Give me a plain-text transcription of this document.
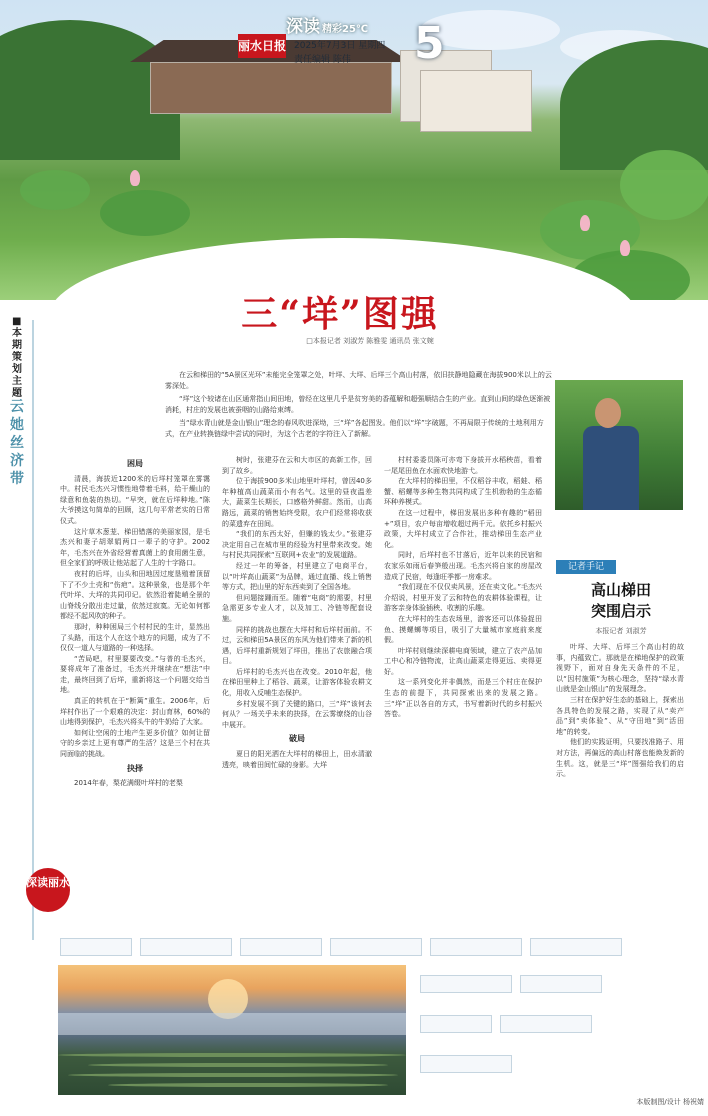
深读 精彩25℃
丽水日报 2025年7月3日 星期四
责任编辑 陈伟 5
■本期策划主题
云她丝济带
深读丽水
三“垟”图强
□本报记者 刘淑芳 陈雅雯 通讯员 张文婉

在云和梯田的“5A景区光环”未能完全笼罩之处，叶垟、大垟、后垟三个高山村落，依旧扶静地隐藏在海拔900米以上的云雾深处。

“垟”这个较诸在山区通常指山间田地，曾经在这里几乎是贫穷美的香蕴解和超强顺结合生的产业。直到山间的绿色逐渐被消耗，村庄的发展也被蚕咽的山路给束缚。

当“绿水青山就是金山银山”理念的春风吹进深坳，三“垟”各起图发。他们以“垟”字破题，不再局限于传统的土地利用方式，在产业转换链绿中尝试的同时，为这个古老的字符注入了新解。

困局

清晨，海拔近1200米的后垟村笼罩在雾霭中。村民毛杰兴习惯性地带着毛料，给干燥山的绿意和鱼装的热切。“早突，就在后垟种地。”陈大爷摸这句简单的回顾，这几句平常老实的日常仪式。

这片草木葱茏、梯田错落的美丽家园，是毛杰兴和妻子胡翠娟两口一辈子的守护。2002年，毛杰兴在外省经营着真菌上的食用菌生意，但全家们的呼吸让他站起了人生的十字路口。

夜村的后垟，山头和田地因过度垦殖着顶留下了不少土壳和“伤疤”。这种景象，也是那个年代叶垟、大垟的共同印记。依然沿着陡峭全景的山脊线分散出走过量，依然过寂寞。无论如何都都经不起风吹的种子。

那时，种种困局三个村村民的生计，显然出了头路，而这个人在这个地方的问题，成为了不仅仅一道人与道路的一种选择。

“苦局吧，村里要要改变。”与普的毛杰兴，要将成年了准备过，毛杰兴并继续在“想法”中走，最终回到了后垟，重新将这一个问题交给当地。

真正的转机在于“断篱”重生。2006年，后垟村作出了一个艰难的决定：封山育林，60%的山地得到保护，毛杰兴将头牛的牛奶给了大家。

如何让空闲的土地产生更多价值？如何让留守的乡亲过上更有尊严的生活？这是三个村在共同面临的挑战。

抉择

2014年春，梨花满缀叶垟村的老梨

树时，张建芬在云和大市区的高新工作，回到了故乡。

位于海拔900多米山地里叶垟村，曾因40多年种植高山蔬菜而小有名气。这里的昼夜温差大，蔬菜生长期长，口感格外鲜甜。然而，山高路远，蔬菜的销售始终受限，农户们经常将收获的菜遗弃在田间。

“我们的东西太好，但赚的钱太少。”张建芬决定用自己在城市里的经验为村里带来改变。她与村民共同探索“互联网+农业”的发展道路。

经过一年的筹备，村里建立了电商平台，以“叶垟高山蔬菜”为品牌，通过直播、线上销售等方式，把山里的好东西卖到了全国各地。

但问题接踵而至。随着“电商”的需要，村里急需更多专业人才，以及加工、冷链等配套设施。

同样的挑战也摆在大垟村和后垟村面前。不过，云和梯田5A景区的东风为他们带来了新的机遇，后垟村重新规划了垟田，推出了农旅融合项目。

后垟村的毛杰兴也在改变。2010年起，他在梯田里种上了稻谷、蔬菜，让游客体验农耕文化，用收入反哺生态保护。

乡村发展不到了关键的路口，三“垟”该何去何从？一场关乎未来的抉择，在云雾缭绕的山谷中展开。

破局

夏日的阳光洒在大垟村的梯田上，田水清澈透亮，映着田间忙碌的身影。大垟

村村委委员陈可亦弯下身拔开水稻秧苗，看着一尾尾田鱼在水面欢快地游弋。

在大垟村的梯田里，不仅稻谷丰收，稻蛙、稻蟹、稻螺等多种生物共同构成了生机勃勃的生态循环种养模式。

在这一过程中，梯田发展出多种有趣的“稻田+”项目，农户每亩增收超过两千元。依托乡村振兴政策，大垟村成立了合作社，推动梯田生态产业化。

同时，后垟村也不甘落后，近年以来的民宿和农家乐如雨后春笋般出现。毛杰兴将自家的房屋改造成了民宿，每逢旺季都一房难求。

“我们现在不仅仅卖风景，还在卖文化。”毛杰兴介绍说，村里开发了云和特色的农耕体验课程，让游客亲身体验插秧、收割的乐趣。

在大垟村的生态农场里，游客还可以体验捉田鱼、摸螺蛳等项目，吸引了大量城市家庭前来度假。

叶垟村则继续深耕电商领域，建立了农产品加工中心和冷链物流，让高山蔬菜走得更远、卖得更好。

这一系列变化并非偶然，而是三个村庄在保护生态的前提下，共同探索出来的发展之路。三“垟”正以各自的方式，书写着新时代的乡村振兴答卷。

记者手记
高山梯田
突围启示
本报记者 刘淑芳

叶垟、大垟、后垟三个高山村的故事，内蕴致亡。那就是在梯地保护的政策视野下，面对自身先天条件的不足，以“因村施策”为核心理念，坚持“绿水青山就是金山银山”的发展理念。

三村在保护好生态的基础上，探索出各具特色的发展之路，实现了从“卖产品”到“卖体验”、从“守田地”到“活田地”的转变。

他们的实践证明，只要找准路子、用对方法，再偏远的高山村落也能焕发新的生机。这，就是三“垟”图强给我们的启示。

本版制图/设计 杨祝婧
